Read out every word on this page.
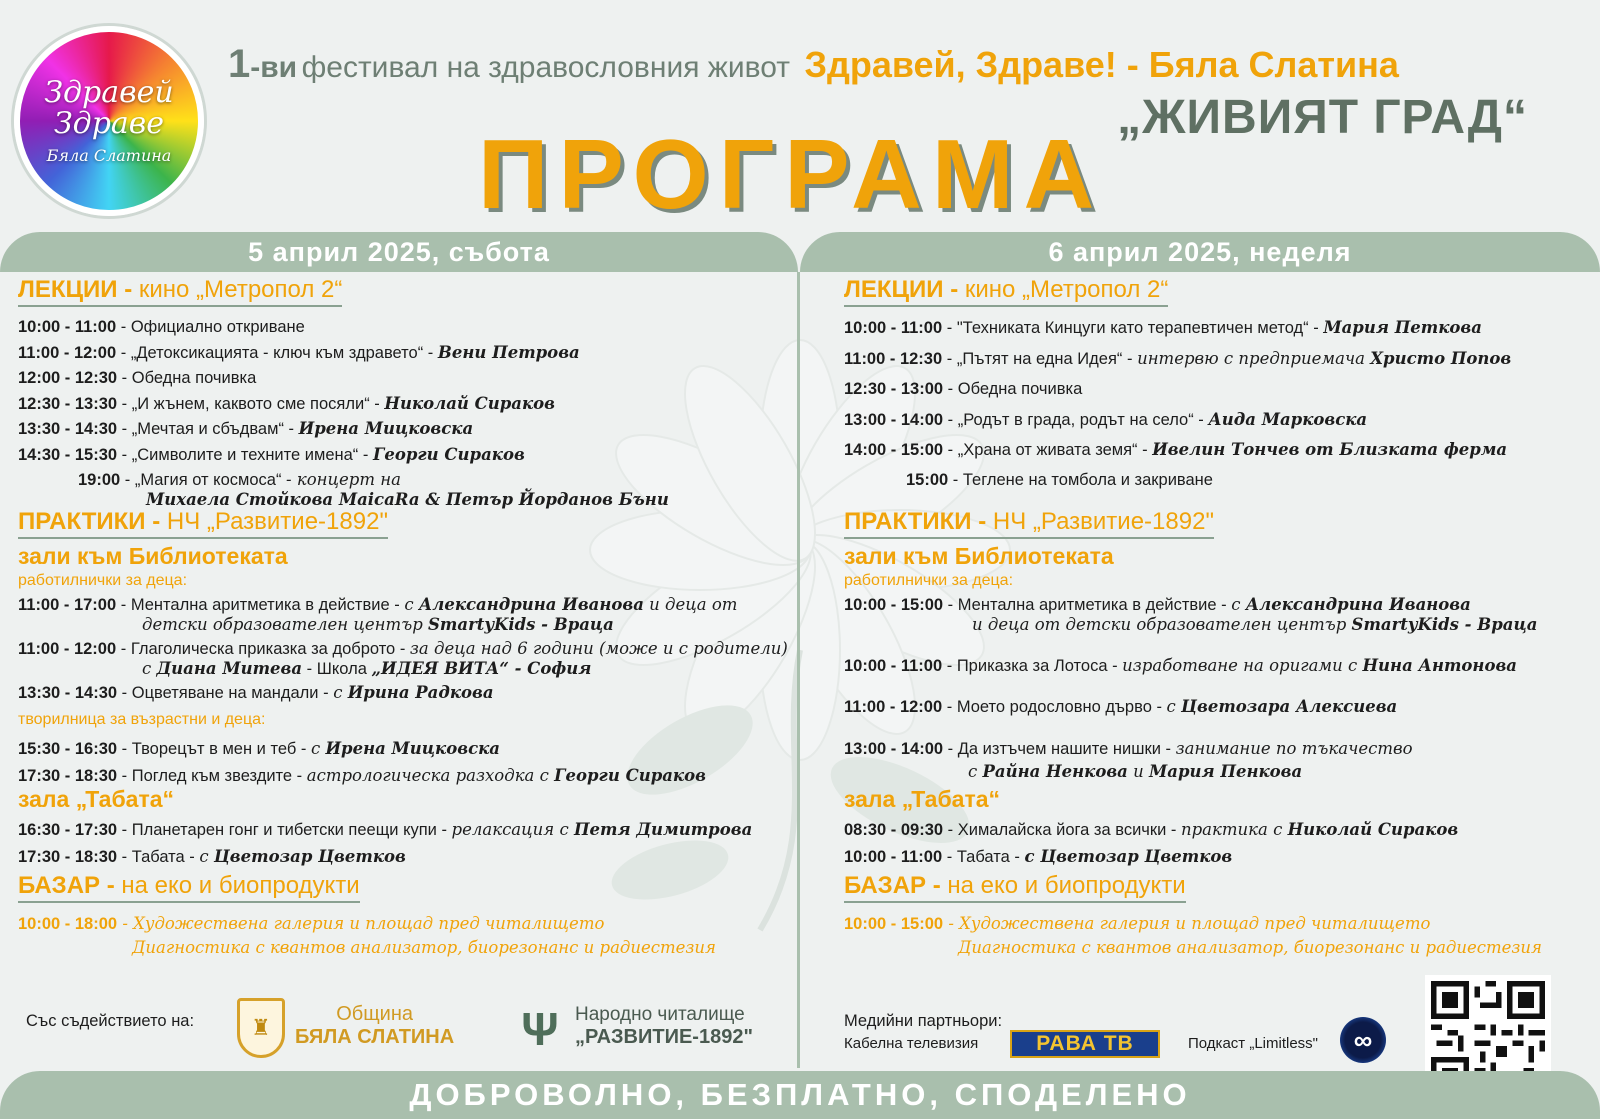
Здравей
Здраве
Бяла Слатина
1-ви фестивал на здравословния живот Здравей, Здраве! - Бяла Слатина
„ЖИВИЯТ ГРАД“
ПРОГРАМА
5 април 2025, събота	6 април 2025, неделя
ЛЕКЦИИ - кино „Метропол 2“
10:00 - 11:00 - Официално откриване
11:00 - 12:00 - „Детоксикацията - ключ към здравето“ - Вени Петрова
12:00 - 12:30 - Обедна почивка
12:30 - 13:30 - „И жънем, каквото сме посяли“ - Николай Сираков
13:30 - 14:30 - „Мечтая и сбъдвам“ - Ирена Мицковска
14:30 - 15:30 - „Символите и техните имена“ - Георги Сираков
19:00 - „Магия от космоса“ - концерт на
Михаела Стойкова MaicaRa & Петър Йорданов Бъни
ПРАКТИКИ - НЧ „Развитие-1892"
зали към Библиотеката
работилнички за деца:
11:00 - 17:00 - Ментална аритметика в действие - с Александрина Иванова и деца от
детски образователен център SmartyKids - Враца
11:00 - 12:00 - Глаголическа приказка за доброто - за деца над 6 години (може и с родители)
с Диана Митева - Школа „ИДЕЯ ВИТА“ - София
13:30 - 14:30 - Оцветяване на мандали - с Ирина Радкова
творилница за възрастни и деца:
15:30 - 16:30 - Творецът в мен и теб - с Ирена Мицковска
17:30 - 18:30 - Поглед към звездите - астрологическа разходка с Георги Сираков
зала „Табата“
16:30 - 17:30 - Планетарен гонг и тибетски пеещи купи - релаксация с Петя Димитрова
17:30 - 18:30 - Табата - с Цветозар Цветков
БАЗАР - на еко и биопродукти
10:00 - 18:00 - Художествена галерия и площад пред читалището
Диагностика с квантов анализатор, биорезонанс и радиестезия
ЛЕКЦИИ - кино „Метропол 2“
10:00 - 11:00 - "Техниката Кинцуги като терапевтичен метод“ - Мария Петкова
11:00 - 12:30 - „Пътят на една Идея“ - интервю с предприемача Христо Попов
12:30 - 13:00 - Обедна почивка
13:00 - 14:00 - „Родът в града, родът на село“ - Аида Марковска
14:00 - 15:00 - „Храна от живата земя“ - Ивелин Тончев от Близката ферма
15:00 - Теглене на томбола и закриване
ПРАКТИКИ - НЧ „Развитие-1892"
зали към Библиотеката
работилнички за деца:
10:00 - 15:00 - Ментална аритметика в действие - с Александрина Иванова
и деца от детски образователен център SmartyKids - Враца
10:00 - 11:00 - Приказка за Лотоса - изработване на оригами с Нина Антонова
11:00 - 12:00 - Моето родословно дърво - с Цветозара Алексиева
13:00 - 14:00 - Да изтъчем нашите нишки - занимание по тъкачество
с Райна Ненкова и Мария Пенкова
зала „Табата“
08:30 - 09:30 - Хималайска йога за всички - практика с Николай Сираков
10:00 - 11:00 - Табата - с Цветозар Цветков
БАЗАР - на еко и биопродукти
10:00 - 15:00 - Художествена галерия и площад пред читалището
Диагностика с квантов анализатор, биорезонанс и радиестезия
Със съдействието на:	♜
Община
БЯЛА СЛАТИНА Ψ Народно читалище
„РАЗВИТИЕ-1892"
Медийни партньори:
Кабелна телевизия	РАВА ТВ	Подкаст „Limitless"	∞
ДОБРОВОЛНО, БЕЗПЛАТНО, СПОДЕЛЕНО
